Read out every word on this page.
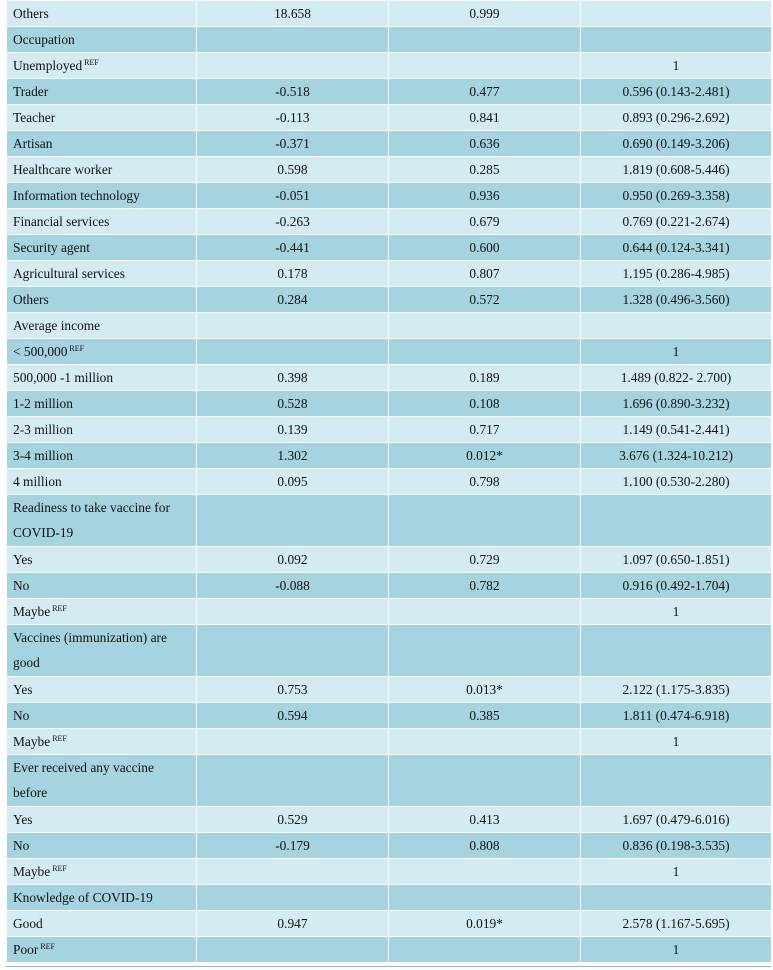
Others	18.658	0.999	
Occupation			
Unemployed $^{REF}$			1
Trader	-0.518	0.477	0.596 (0.143-2.481)
Teacher	-0.113	0.841	0.893 (0.296-2.692)
Artisan	-0.371	0.636	0.690 (0.149-3.206)
Healthcare worker	0.598	0.285	1.819 (0.608-5.446)
Information technology	-0.051	0.936	0.950 (0.269-3.358)
Financial services	-0.263	0.679	0.769 (0.221-2.674)
Security agent	-0.441	0.600	0.644 (0.124-3.341)
Agricultural services	0.178	0.807	1.195 (0.286-4.985)
Others	0.284	0.572	1.328 (0.496-3.560)
Average income			
< 500,000 $^{REF}$			1
500,000 -1 million	0.398	0.189	1.489 (0.822- 2.700)
1-2 million	0.528	0.108	1.696 (0.890-3.232)
2-3 million	0.139	0.717	1.149 (0.541-2.441)
3-4 million	1.302	0.012*	3.676 (1.324-10.212)
4 million	0.095	0.798	1.100 (0.530-2.280)
Readiness to take vaccine for COVID-19			
Yes	0.092	0.729	1.097 (0.650-1.851)
No	-0.088	0.782	0.916 (0.492-1.704)
Maybe $^{REF}$			1
Vaccines (immunization) are good			
Yes	0.753	0.013*	2.122 (1.175-3.835)
No	0.594	0.385	1.811 (0.474-6.918)
Maybe $^{REF}$			1
Ever received any vaccine before			
Yes	0.529	0.413	1.697 (0.479-6.016)
No	-0.179	0.808	0.836 (0.198-3.535)
Maybe $^{REF}$			1
Knowledge of COVID-19			
Good	0.947	0.019*	2.578 (1.167-5.695)
Poor $^{REF}$			1
